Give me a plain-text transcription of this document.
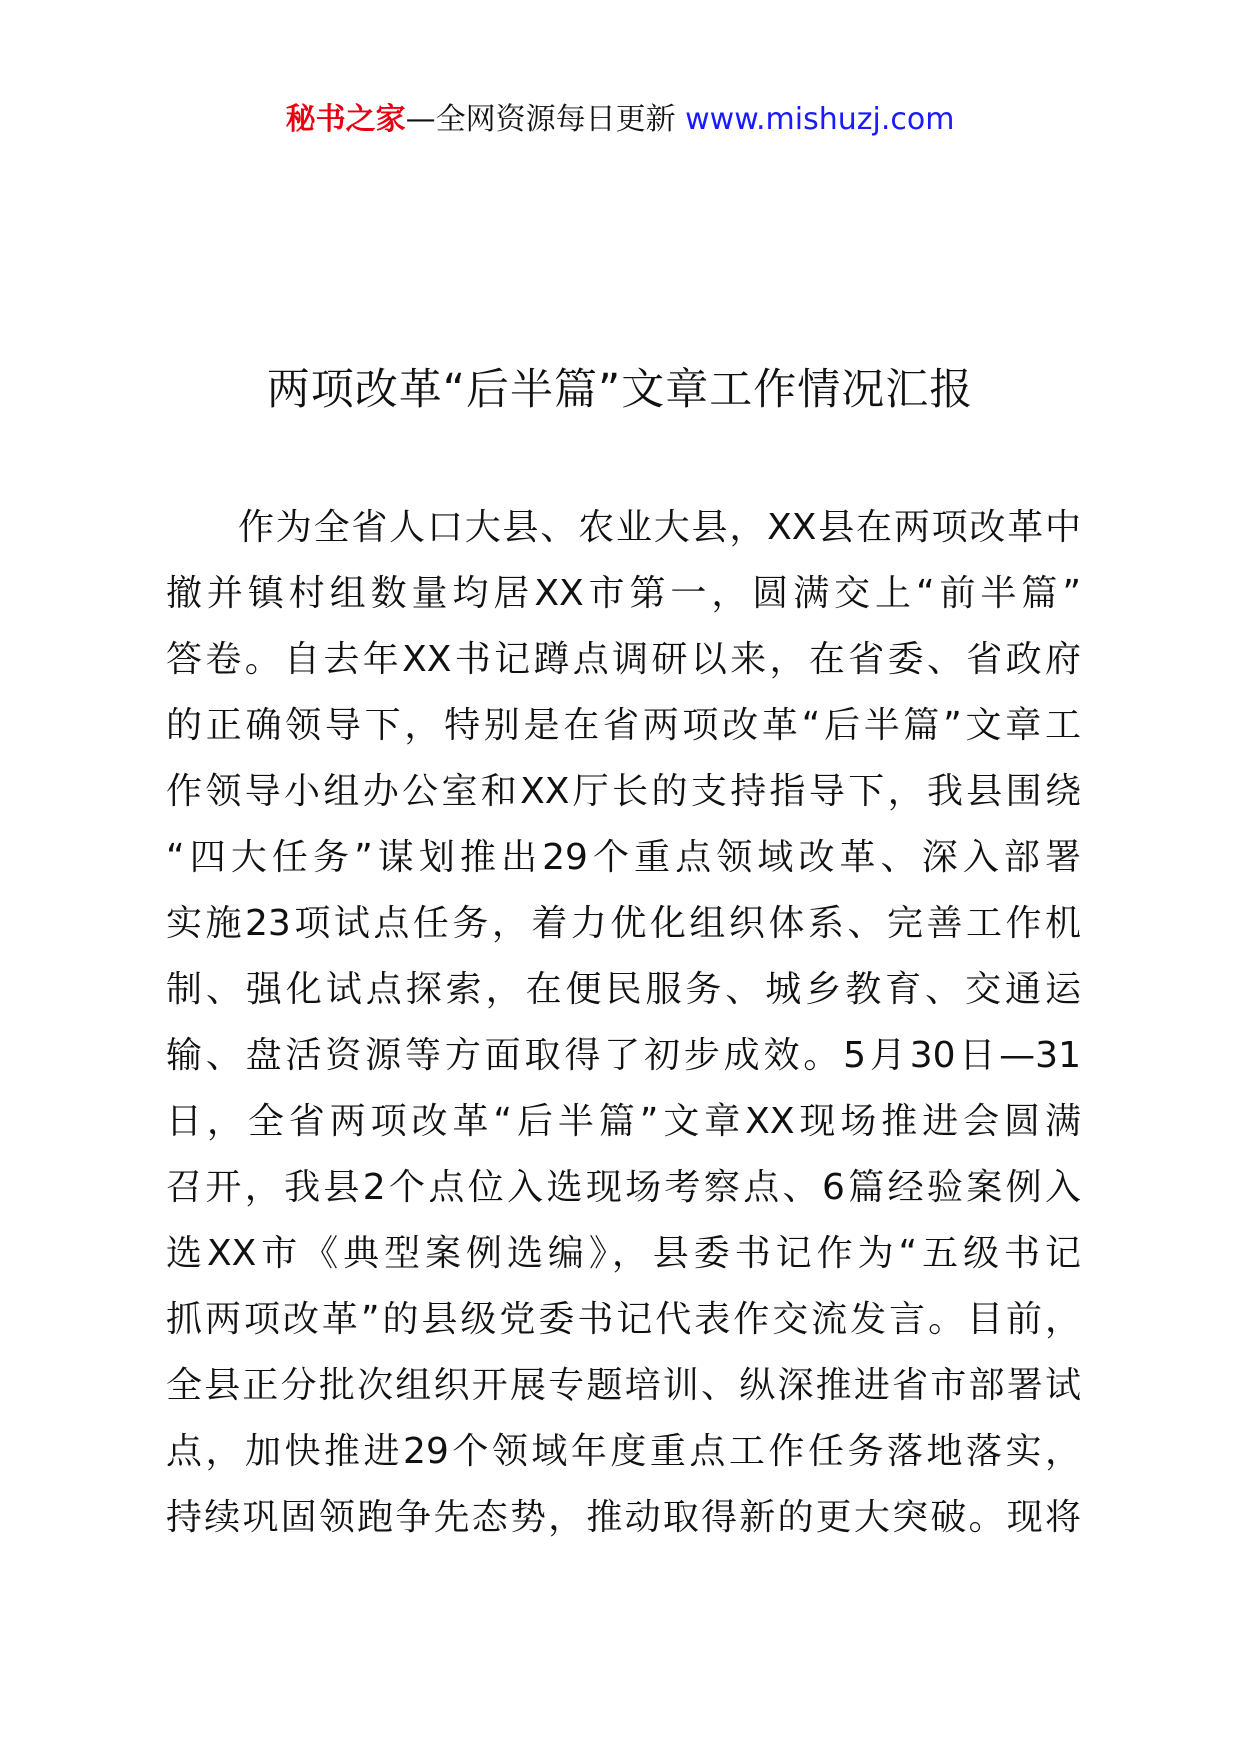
秘书之家—全网资源每日更新 www.mishuzj.com
两项改革“后半篇”文章工作情况汇报
作为全省人口大县、农业大县，XX县在两项改革中
撤并镇村组数量均居XX市第一，圆满交上“前半篇”
答卷。自去年XX书记蹲点调研以来，在省委、省政府
的正确领导下，特别是在省两项改革“后半篇”文章工
作领导小组办公室和XX厅长的支持指导下，我县围绕
“四大任务”谋划推出29个重点领域改革、深入部署
实施23项试点任务，着力优化组织体系、完善工作机
制、强化试点探索，在便民服务、城乡教育、交通运
输、盘活资源等方面取得了初步成效。5月30日—31
日，全省两项改革“后半篇”文章XX现场推进会圆满
召开，我县2个点位入选现场考察点、6篇经验案例入
选XX市《典型案例选编》，县委书记作为“五级书记
抓两项改革”的县级党委书记代表作交流发言。目前，
全县正分批次组织开展专题培训、纵深推进省市部署试
点，加快推进29个领域年度重点工作任务落地落实，
持续巩固领跑争先态势，推动取得新的更大突破。现将
